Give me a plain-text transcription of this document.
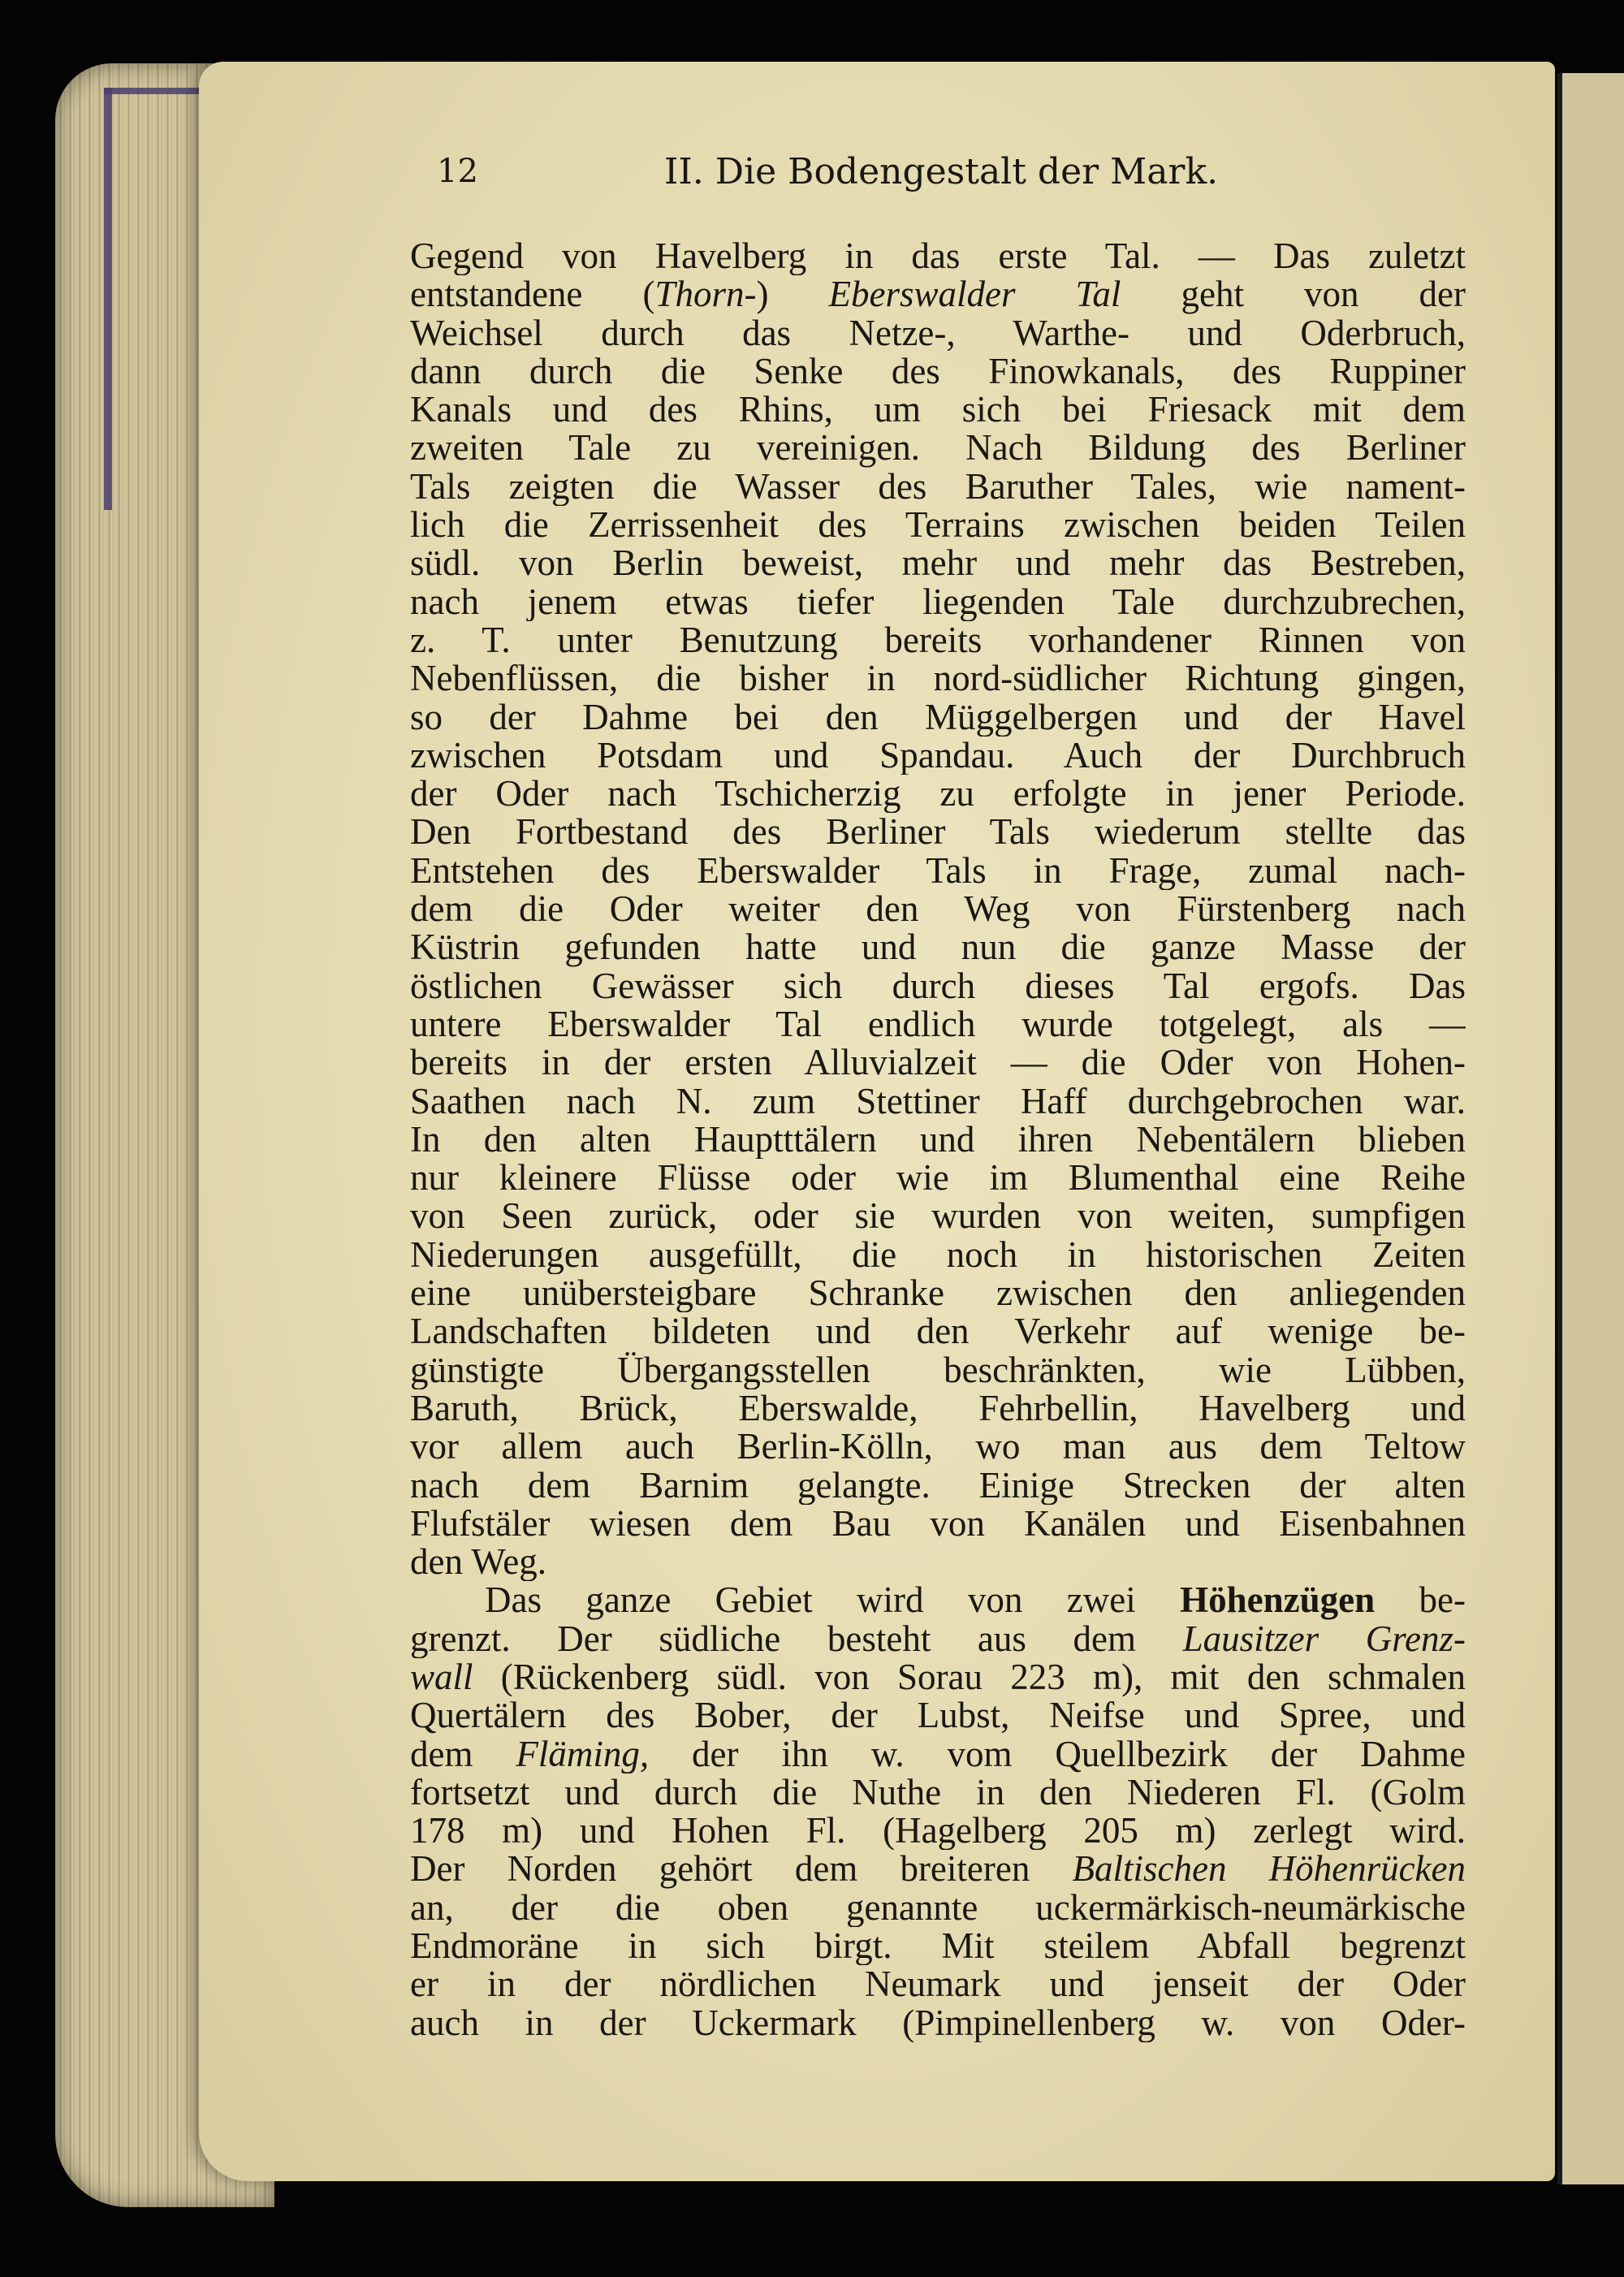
12	II. Die Bodengestalt der Mark.
Gegend von Havelberg in das erste Tal. — Das zuletzt
entstandene (Thorn-) Eberswalder Tal geht von der
Weichsel durch das Netze-, Warthe- und Oderbruch,
dann durch die Senke des Finowkanals, des Ruppiner
Kanals und des Rhins, um sich bei Friesack mit dem
zweiten Tale zu vereinigen. Nach Bildung des Berliner
Tals zeigten die Wasser des Baruther Tales, wie nament-
lich die Zerrissenheit des Terrains zwischen beiden Teilen
südl. von Berlin beweist, mehr und mehr das Bestreben,
nach jenem etwas tiefer liegenden Tale durchzubrechen,
z. T. unter Benutzung bereits vorhandener Rinnen von
Nebenflüssen, die bisher in nord-südlicher Richtung gingen,
so der Dahme bei den Müggelbergen und der Havel
zwischen Potsdam und Spandau. Auch der Durchbruch
der Oder nach Tschicherzig zu erfolgte in jener Periode.
Den Fortbestand des Berliner Tals wiederum stellte das
Entstehen des Eberswalder Tals in Frage, zumal nach-
dem die Oder weiter den Weg von Fürstenberg nach
Küstrin gefunden hatte und nun die ganze Masse der
östlichen Gewässer sich durch dieses Tal ergofs. Das
untere Eberswalder Tal endlich wurde totgelegt, als —
bereits in der ersten Alluvialzeit — die Oder von Hohen-
Saathen nach N. zum Stettiner Haff durchgebrochen war.
In den alten Hauptttälern und ihren Nebentälern blieben
nur kleinere Flüsse oder wie im Blumenthal eine Reihe
von Seen zurück, oder sie wurden von weiten, sumpfigen
Niederungen ausgefüllt, die noch in historischen Zeiten
eine unübersteigbare Schranke zwischen den anliegenden
Landschaften bildeten und den Verkehr auf wenige be-
günstigte Übergangsstellen beschränkten, wie Lübben,
Baruth, Brück, Eberswalde, Fehrbellin, Havelberg und
vor allem auch Berlin-Kölln, wo man aus dem Teltow
nach dem Barnim gelangte. Einige Strecken der alten
Flufstäler wiesen dem Bau von Kanälen und Eisenbahnen
den Weg.
Das ganze Gebiet wird von zwei Höhenzügen be-
grenzt. Der südliche besteht aus dem Lausitzer Grenz-
wall (Rückenberg südl. von Sorau 223 m), mit den schmalen
Quertälern des Bober, der Lubst, Neifse und Spree, und
dem Fläming, der ihn w. vom Quellbezirk der Dahme
fortsetzt und durch die Nuthe in den Niederen Fl. (Golm
178 m) und Hohen Fl. (Hagelberg 205 m) zerlegt wird.
Der Norden gehört dem breiteren Baltischen Höhenrücken
an, der die oben genannte uckermärkisch-neumärkische
Endmoräne in sich birgt. Mit steilem Abfall begrenzt
er in der nördlichen Neumark und jenseit der Oder
auch in der Uckermark (Pimpinellenberg w. von Oder-
